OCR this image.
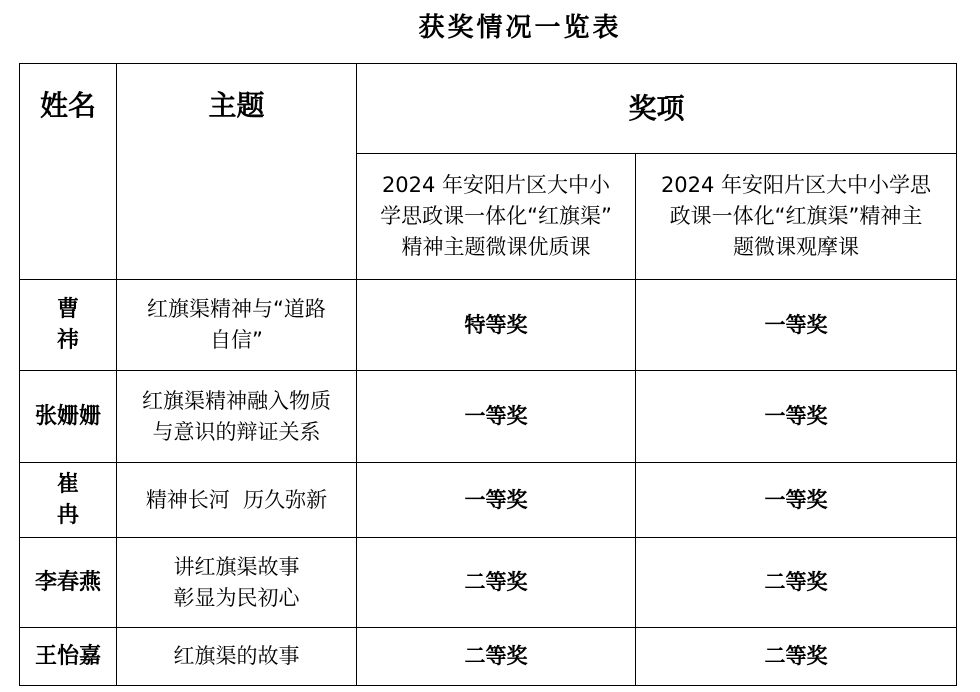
获奖情况一览表
姓名	主题	奖项	

		2024 年安阳片区大中小
学思政课一体化“红旗渠”
精神主题微课优质课	2024 年安阳片区大中小学思
政课一体化“红旗渠”精神主
题微课观摩课

曹 祎	红旗渠精神与“道路
自信”	特等奖	一等奖
张姗姗	红旗渠精神融入物质
与意识的辩证关系	一等奖	一等奖
崔 冉	精神长河  历久弥新	一等奖	一等奖
李春燕	讲红旗渠故事
彰显为民初心	二等奖	二等奖
王怡嘉	红旗渠的故事	二等奖	二等奖
